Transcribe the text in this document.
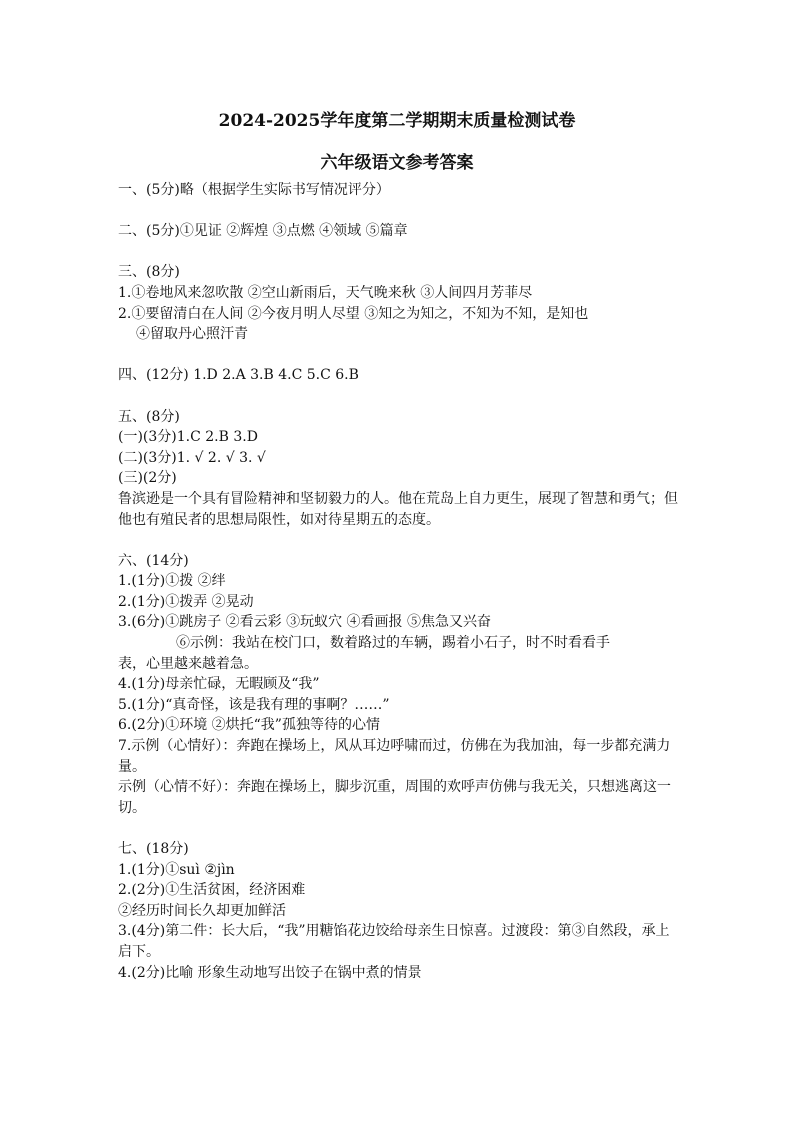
2024-2025学年度第二学期期末质量检测试卷
六年级语文参考答案

一、(5分)略（根据学生实际书写情况评分）

二、(5分)①见证 ②辉煌 ③点燃 ④领域 ⑤篇章

三、(8分)

1.①卷地风来忽吹散 ②空山新雨后，天气晚来秋 ③人间四月芳菲尽

2.①要留清白在人间 ②今夜月明人尽望 ③知之为知之，不知为不知，是知也

④留取丹心照汗青

四、(12分) 1.D 2.A 3.B 4.C 5.C 6.B

五、(8分)

(一)(3分)1.C 2.B 3.D

(二)(3分)1. √ 2. √ 3. √

(三)(2分)

鲁滨逊是一个具有冒险精神和坚韧毅力的人。他在荒岛上自力更生，展现了智慧和勇气；但他也有殖民者的思想局限性，如对待星期五的态度。

六、(14分)

1.(1分)①拨 ②绊

2.(1分)①拨弄 ②晃动

3.(6分)①跳房子 ②看云彩 ③玩蚁穴 ④看画报 ⑤焦急又兴奋

⑥示例：我站在校门口，数着路过的车辆，踢着小石子，时不时看看手

表，心里越来越着急。

4.(1分)母亲忙碌，无暇顾及“我”

5.(1分)“真奇怪，该是我有理的事啊？……”

6.(2分)①环境 ②烘托“我”孤独等待的心情

7.示例（心情好）：奔跑在操场上，风从耳边呼啸而过，仿佛在为我加油，每一步都充满力量。

示例（心情不好）：奔跑在操场上，脚步沉重，周围的欢呼声仿佛与我无关，只想逃离这一切。

七、(18分)

1.(1分)①suì ②jìn

2.(2分)①生活贫困，经济困难

②经历时间长久却更加鲜活

3.(4分)第二件：长大后，“我”用糖馅花边饺给母亲生日惊喜。过渡段：第③自然段，承上启下。

4.(2分)比喻 形象生动地写出饺子在锅中煮的情景
